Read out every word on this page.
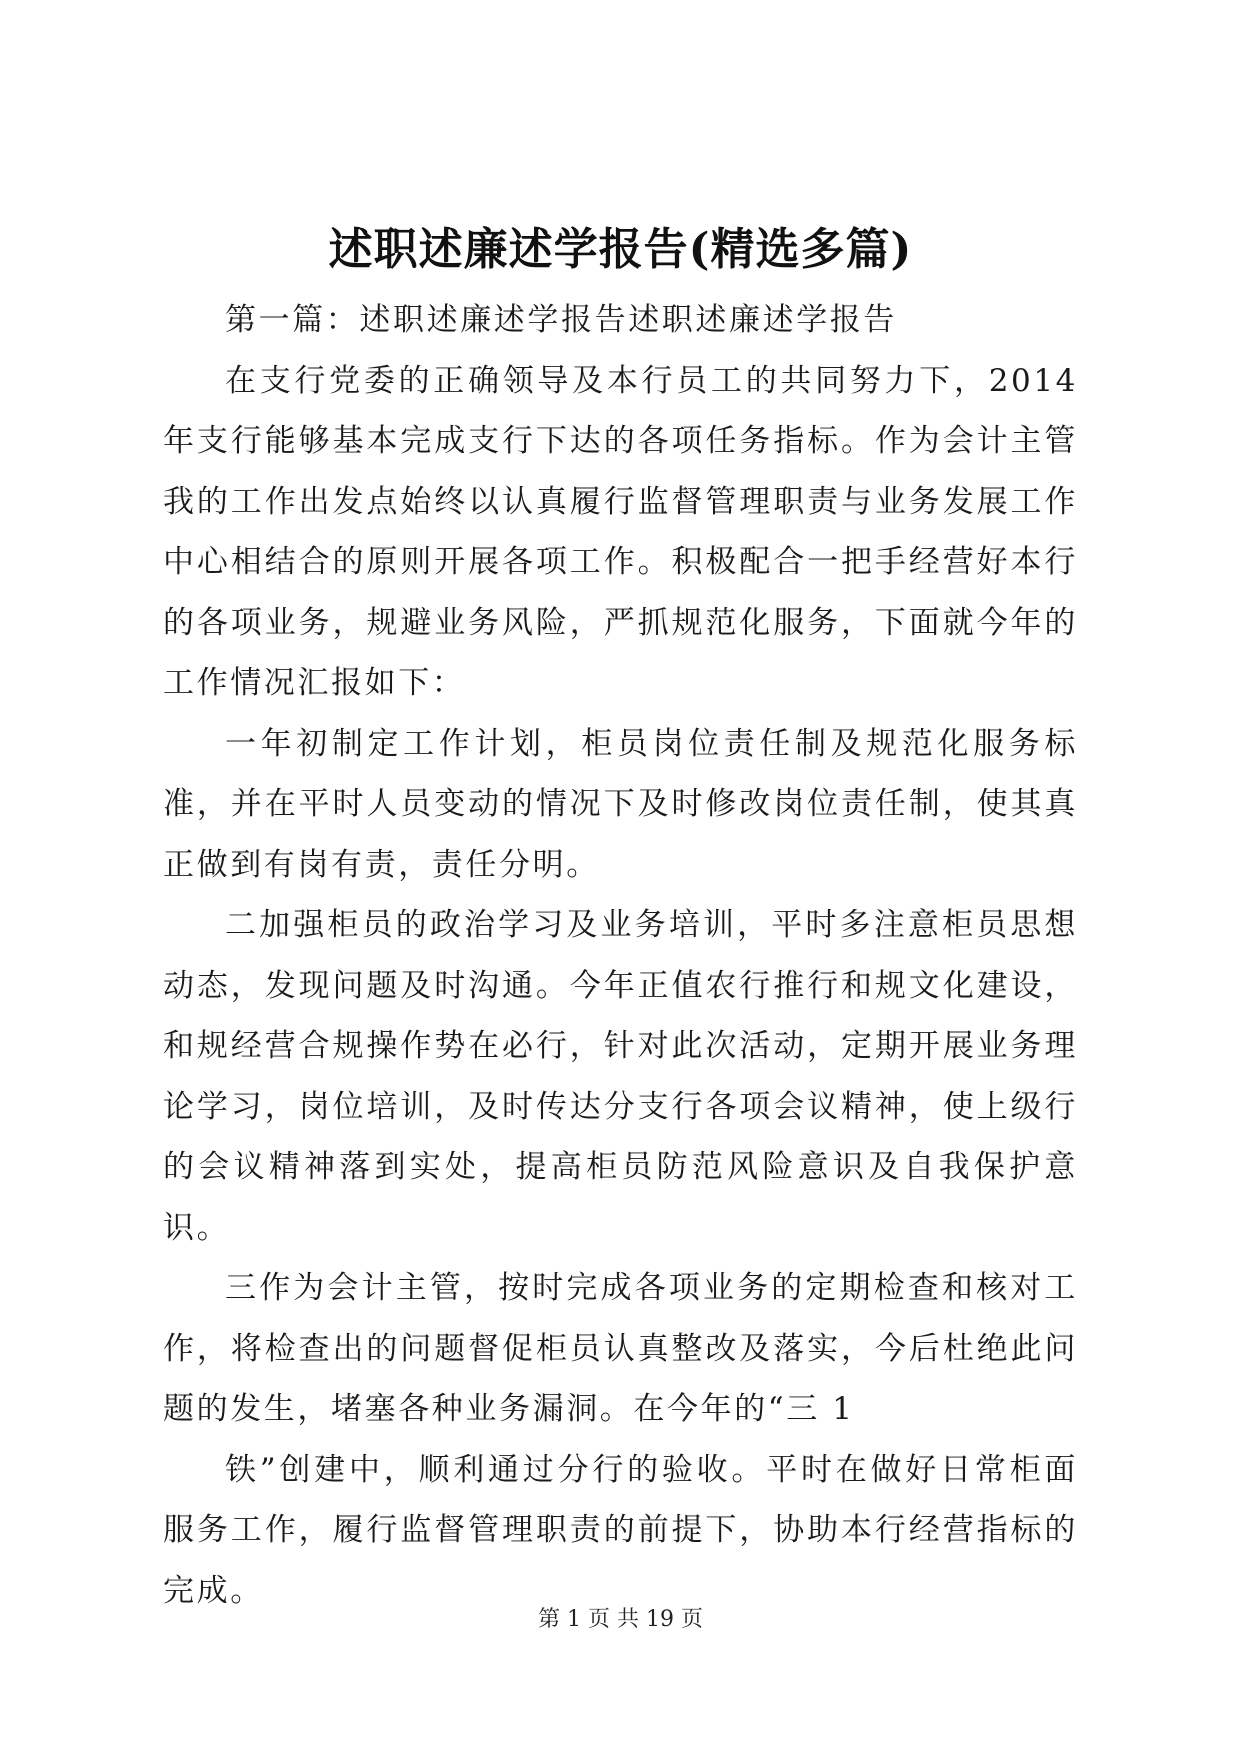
述职述廉述学报告(精选多篇)

第一篇：述职述廉述学报告述职述廉述学报告

在支行党委的正确领导及本行员工的共同努力下，2014年支行能够基本完成支行下达的各项任务指标。作为会计主管我的工作出发点始终以认真履行监督管理职责与业务发展工作中心相结合的原则开展各项工作。积极配合一把手经营好本行的各项业务，规避业务风险，严抓规范化服务，下面就今年的工作情况汇报如下：

一年初制定工作计划，柜员岗位责任制及规范化服务标准，并在平时人员变动的情况下及时修改岗位责任制，使其真正做到有岗有责，责任分明。

二加强柜员的政治学习及业务培训，平时多注意柜员思想动态，发现问题及时沟通。今年正值农行推行和规文化建设，和规经营合规操作势在必行，针对此次活动，定期开展业务理论学习，岗位培训，及时传达分支行各项会议精神，使上级行的会议精神落到实处，提高柜员防范风险意识及自我保护意识。

三作为会计主管，按时完成各项业务的定期检查和核对工作，将检查出的问题督促柜员认真整改及落实，今后杜绝此问题的发生，堵塞各种业务漏洞。在今年的“三 1

铁”创建中，顺利通过分行的验收。平时在做好日常柜面服务工作，履行监督管理职责的前提下，协助本行经营指标的完成。

第 1 页 共 19 页
